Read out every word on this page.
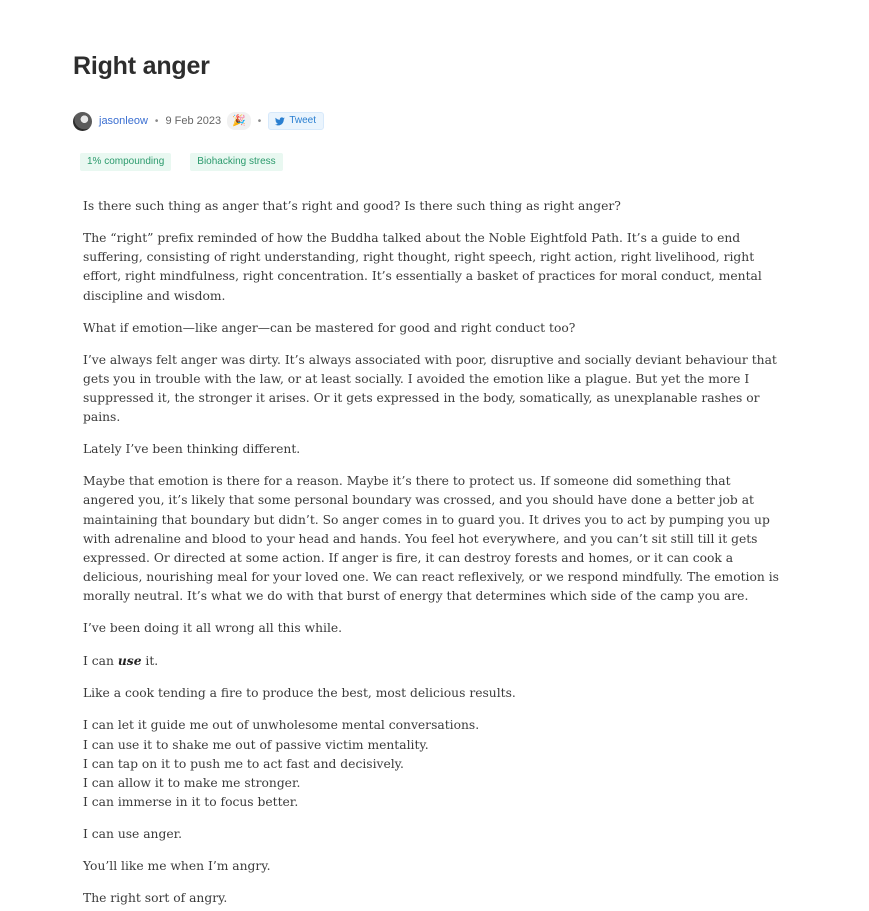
Right anger
jasonleow • 9 Feb 2023	🎉	•	Tweet
1% compounding	Biohacking stress

Is there such thing as anger that’s right and good? Is there such thing as right anger?

The “right” prefix reminded of how the Buddha talked about the Noble Eightfold Path. It’s a guide to end suffering, consisting of right understanding, right thought, right speech, right action, right livelihood, right effort, right mindfulness, right concentration. It’s essentially a basket of practices for moral conduct, mental discipline and wisdom.

What if emotion—like anger—can be mastered for good and right conduct too?

I’ve always felt anger was dirty. It’s always associated with poor, disruptive and socially deviant behaviour that gets you in trouble with the law, or at least socially. I avoided the emotion like a plague. But yet the more I suppressed it, the stronger it arises. Or it gets expressed in the body, somatically, as unexplanable rashes or pains.

Lately I’ve been thinking different.

Maybe that emotion is there for a reason. Maybe it’s there to protect us. If someone did something that angered you, it’s likely that some personal boundary was crossed, and you should have done a better job at maintaining that boundary but didn’t. So anger comes in to guard you. It drives you to act by pumping you up with adrenaline and blood to your head and hands. You feel hot everywhere, and you can’t sit still till it gets expressed. Or directed at some action. If anger is fire, it can destroy forests and homes, or it can cook a delicious, nourishing meal for your loved one. We can react reflexively, or we respond mindfully. The emotion is morally neutral. It’s what we do with that burst of energy that determines which side of the camp you are.

I’ve been doing it all wrong all this while.

I can use it.

Like a cook tending a fire to produce the best, most delicious results.

I can let it guide me out of unwholesome mental conversations.
I can use it to shake me out of passive victim mentality.
I can tap on it to push me to act fast and decisively.
I can allow it to make me stronger.
I can immerse in it to focus better.

I can use anger.

You’ll like me when I’m angry.

The right sort of angry.
